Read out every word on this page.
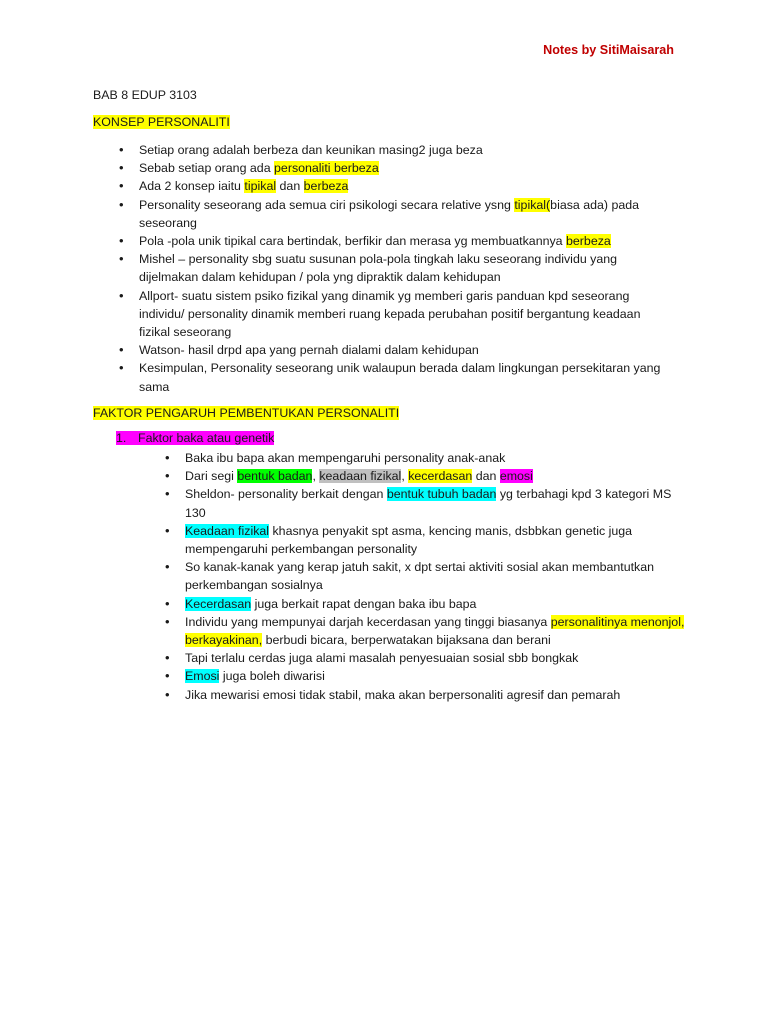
Notes by SitiMaisarah
BAB 8 EDUP 3103
KONSEP PERSONALITI
• Setiap orang adalah berbeza dan keunikan masing2 juga beza
• Sebab setiap orang ada personaliti berbeza
• Ada 2 konsep iaitu tipikal dan berbeza
• Personality seseorang ada semua ciri psikologi secara relative ysng tipikal(biasa ada) pada seseorang
• Pola -pola unik tipikal cara bertindak, berfikir dan merasa yg membuatkannya berbeza
• Mishel – personality sbg suatu susunan pola-pola tingkah laku seseorang individu yang dijelmakan dalam kehidupan / pola yng dipraktik dalam kehidupan
• Allport- suatu sistem psiko fizikal yang dinamik yg memberi garis panduan kpd seseorang individu/ personality dinamik memberi ruang kepada perubahan positif bergantung keadaan fizikal seseorang
• Watson- hasil drpd apa yang pernah dialami dalam kehidupan
• Kesimpulan, Personality seseorang unik walaupun berada dalam lingkungan persekitaran yang sama
FAKTOR PENGARUH PEMBENTUKAN PERSONALITI
1. Faktor baka atau genetik
• Baka ibu bapa akan mempengaruhi personality anak-anak
• Dari segi bentuk badan, keadaan fizikal, kecerdasan dan emosi
• Sheldon- personality berkait dengan bentuk tubuh badan yg terbahagi kpd 3 kategori MS 130
• Keadaan fizikal khasnya penyakit spt asma, kencing manis, dsbbkan genetic juga mempengaruhi perkembangan personality
• So kanak-kanak yang kerap jatuh sakit, x dpt sertai aktiviti sosial akan membantutkan perkembangan sosialnya
• Kecerdasan juga berkait rapat dengan baka ibu bapa
• Individu yang mempunyai darjah kecerdasan yang tinggi biasanya personalitinya menonjol, berkayakinan, berbudi bicara, berperwatakan bijaksana dan berani
• Tapi terlalu cerdas juga alami masalah penyesuaian sosial sbb bongkak
• Emosi juga boleh diwarisi
• Jika mewarisi emosi tidak stabil, maka akan berpersonaliti agresif dan pemarah
